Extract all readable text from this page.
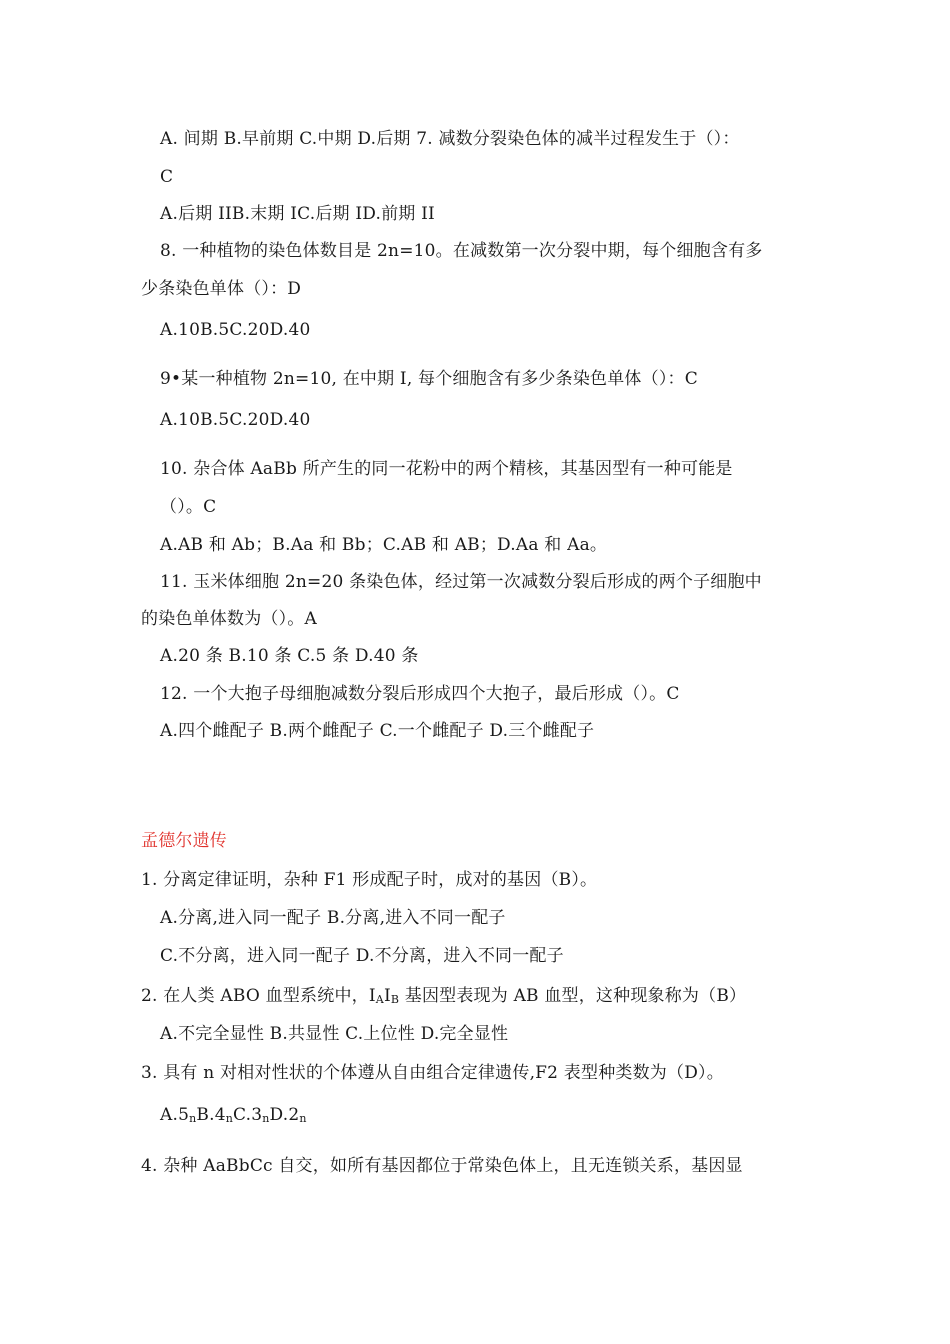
A. 间期 B.早前期 C.中期 D.后期 7. 减数分裂染色体的减半过程发生于（）：
C
A.后期 IIB.末期 IC.后期 ID.前期 II
8. 一种植物的染色体数目是 2n=10。在减数第一次分裂中期，每个细胞含有多
少条染色单体（）：D
A.10B.5C.20D.40
9•某一种植物 2n=10, 在中期 I, 每个细胞含有多少条染色单体（）：C
A.10B.5C.20D.40
10. 杂合体 AaBb 所产生的同一花粉中的两个精核，其基因型有一种可能是
（）。C
A.AB 和 Ab；B.Aa 和 Bb；C.AB 和 AB；D.Aa 和 Aa。
11. 玉米体细胞 2n=20 条染色体，经过第一次减数分裂后形成的两个子细胞中
的染色单体数为（）。A
A.20 条 B.10 条 C.5 条 D.40 条
12. 一个大抱子母细胞减数分裂后形成四个大抱子，最后形成（）。C
A.四个雌配子 B.两个雌配子 C.一个雌配子 D.三个雌配子
孟德尔遗传
1. 分离定律证明，杂种 F1 形成配子时，成对的基因（B）。
A.分离,进入同一配子 B.分离,进入不同一配子
C.不分离，进入同一配子 D.不分离，进入不同一配子
2. 在人类 ABO 血型系统中，IAIB 基因型表现为 AB 血型，这种现象称为（B）
A.不完全显性 B.共显性 C.上位性 D.完全显性
3. 具有 n 对相对性状的个体遵从自由组合定律遗传,F2 表型种类数为（D）。
A.5nB.4nC.3nD.2n
4. 杂种 AaBbCc 自交，如所有基因都位于常染色体上，且无连锁关系，基因显
